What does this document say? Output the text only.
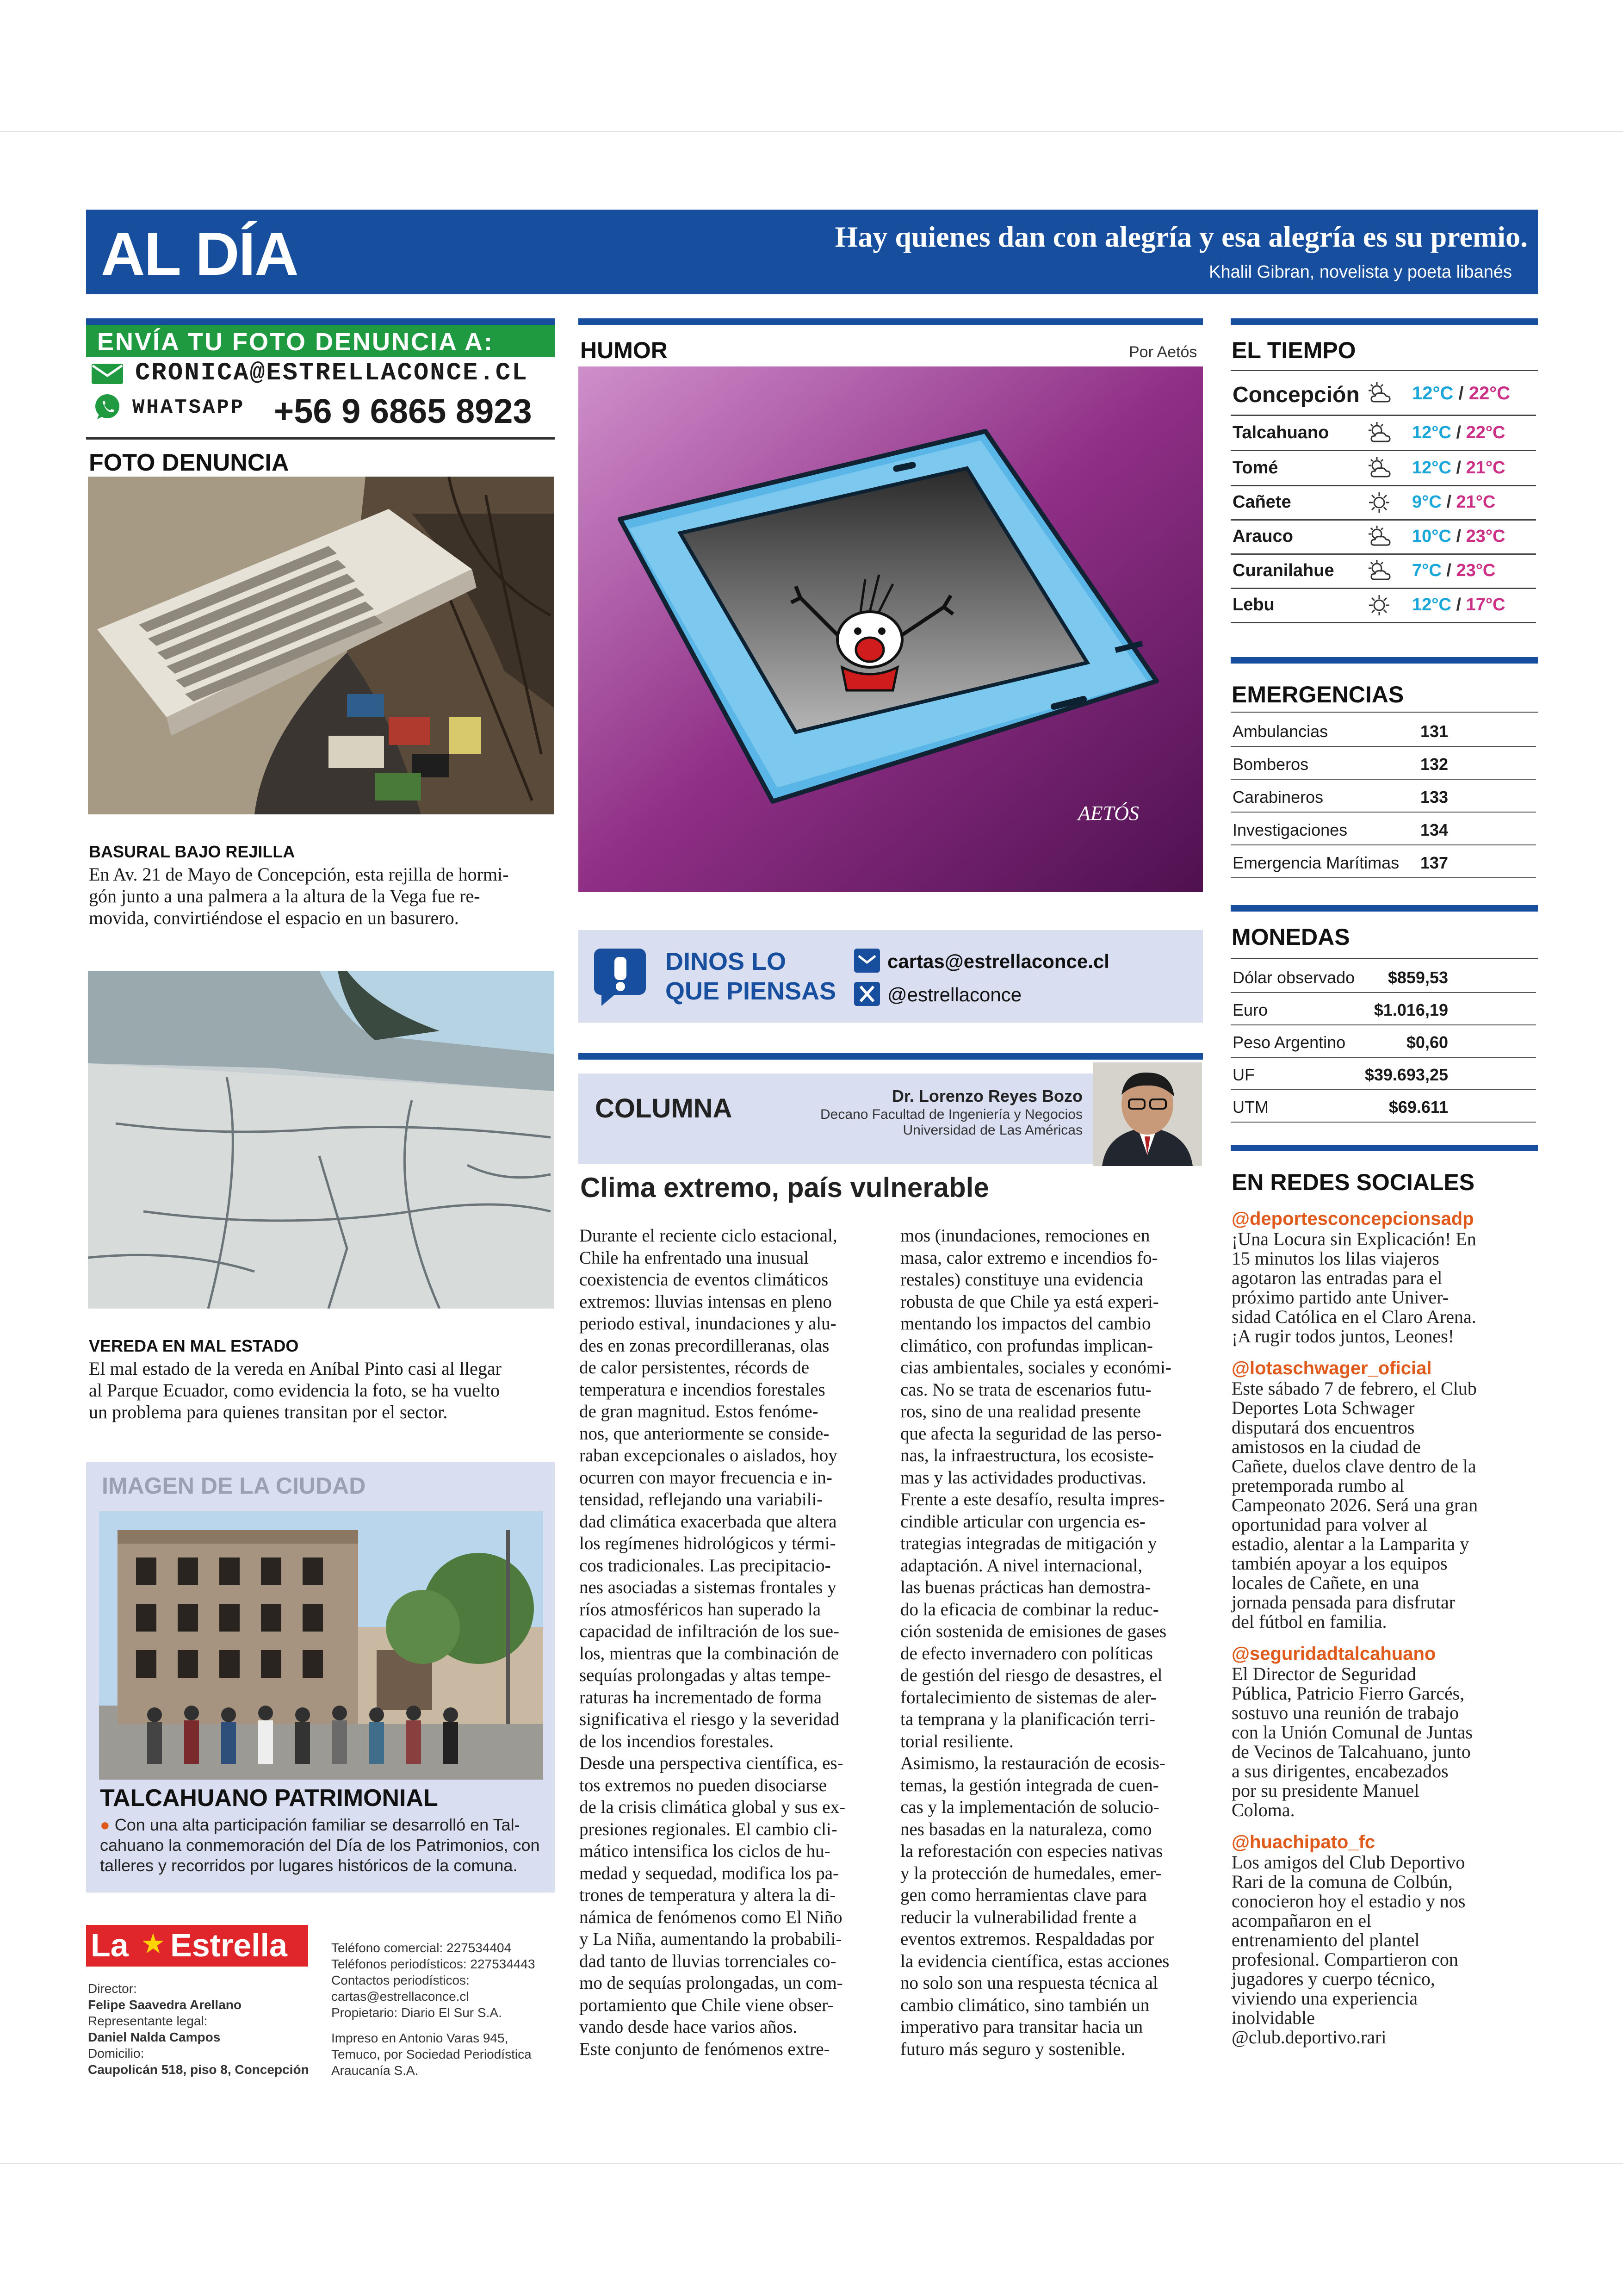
AL DÍA	Hay quienes dan con alegría y esa alegría es su premio.
Khalil Gibran, novelista y poeta libanés
ENVÍA TU FOTO DENUNCIA A:
CRONICA@ESTRELLACONCE.CL
WHATSAPP +56 9 6865 8923
FOTO DENUNCIA
BASURAL BAJO REJILLA
En Av. 21 de Mayo de Concepción, esta rejilla de hormi-
gón junto a una palmera a la altura de la Vega fue re-
movida, convirtiéndose el espacio en un basurero.
VEREDA EN MAL ESTADO
El mal estado de la vereda en Aníbal Pinto casi al llegar
al Parque Ecuador, como evidencia la foto, se ha vuelto
un problema para quienes transitan por el sector.
IMAGEN DE LA CIUDAD
TALCAHUANO PATRIMONIAL
● Con una alta participación familiar se desarrolló en Tal-
cahuano la conmemoración del Día de los Patrimonios, con
talleres y recorridos por lugares históricos de la comuna.
La ★ Estrella
Director:
Felipe Saavedra Arellano
Representante legal:
Daniel Nalda Campos
Domicilio:
Caupolicán 518, piso 8, Concepción
Teléfono comercial: 227534404
Teléfonos periodísticos: 227534443
Contactos periodísticos:
cartas@estrellaconce.cl
Propietario: Diario El Sur S.A.
Impreso en Antonio Varas 945,
Temuco, por Sociedad Periodística
Araucanía S.A.
HUMOR	Por Aetós
AETÓS
DINOS LO
QUE PIENSAS
cartas@estrellaconce.cl
@estrellaconce
COLUMNA	Dr. Lorenzo Reyes Bozo
Decano Facultad de Ingeniería y Negocios
Universidad de Las Américas
Clima extremo, país vulnerable
Durante el reciente ciclo estacional,
Chile ha enfrentado una inusual
coexistencia de eventos climáticos
extremos: lluvias intensas en pleno
periodo estival, inundaciones y alu-
des en zonas precordilleranas, olas
de calor persistentes, récords de
temperatura e incendios forestales
de gran magnitud. Estos fenóme-
nos, que anteriormente se conside-
raban excepcionales o aislados, hoy
ocurren con mayor frecuencia e in-
tensidad, reflejando una variabili-
dad climática exacerbada que altera
los regímenes hidrológicos y térmi-
cos tradicionales. Las precipitacio-
nes asociadas a sistemas frontales y
ríos atmosféricos han superado la
capacidad de infiltración de los sue-
los, mientras que la combinación de
sequías prolongadas y altas tempe-
raturas ha incrementado de forma
significativa el riesgo y la severidad
de los incendios forestales.
Desde una perspectiva científica, es-
tos extremos no pueden disociarse
de la crisis climática global y sus ex-
presiones regionales. El cambio cli-
mático intensifica los ciclos de hu-
medad y sequedad, modifica los pa-
trones de temperatura y altera la di-
námica de fenómenos como El Niño
y La Niña, aumentando la probabili-
dad tanto de lluvias torrenciales co-
mo de sequías prolongadas, un com-
portamiento que Chile viene obser-
vando desde hace varios años.
Este conjunto de fenómenos extre-
mos (inundaciones, remociones en
masa, calor extremo e incendios fo-
restales) constituye una evidencia
robusta de que Chile ya está experi-
mentando los impactos del cambio
climático, con profundas implican-
cias ambientales, sociales y económi-
cas. No se trata de escenarios futu-
ros, sino de una realidad presente
que afecta la seguridad de las perso-
nas, la infraestructura, los ecosiste-
mas y las actividades productivas.
Frente a este desafío, resulta impres-
cindible articular con urgencia es-
trategias integradas de mitigación y
adaptación. A nivel internacional,
las buenas prácticas han demostra-
do la eficacia de combinar la reduc-
ción sostenida de emisiones de gases
de efecto invernadero con políticas
de gestión del riesgo de desastres, el
fortalecimiento de sistemas de aler-
ta temprana y la planificación terri-
torial resiliente.
Asimismo, la restauración de ecosis-
temas, la gestión integrada de cuen-
cas y la implementación de solucio-
nes basadas en la naturaleza, como
la reforestación con especies nativas
y la protección de humedales, emer-
gen como herramientas clave para
reducir la vulnerabilidad frente a
eventos extremos. Respaldadas por
la evidencia científica, estas acciones
no solo son una respuesta técnica al
cambio climático, sino también un
imperativo para transitar hacia un
futuro más seguro y sostenible.
EL TIEMPO
Concepción	12°C / 22°C
Talcahuano	12°C / 22°C
Tomé	12°C / 21°C
Cañete	9°C / 21°C
Arauco	10°C / 23°C
Curanilahue	7°C / 23°C
Lebu	12°C / 17°C
EMERGENCIAS
Ambulancias	131
Bomberos	132
Carabineros	133
Investigaciones	134
Emergencia Marítimas 137
MONEDAS
Dólar observado $859,53
Euro	$1.016,19
Peso Argentino	$0,60
UF	$39.693,25
UTM	$69.611
EN REDES SOCIALES
@deportesconcepcionsadp
¡Una Locura sin Explicación! En
15 minutos los lilas viajeros
agotaron las entradas para el
próximo partido ante Univer-
sidad Católica en el Claro Arena.
¡A rugir todos juntos, Leones!
@lotaschwager_oficial
Este sábado 7 de febrero, el Club
Deportes Lota Schwager
disputará dos encuentros
amistosos en la ciudad de
Cañete, duelos clave dentro de la
pretemporada rumbo al
Campeonato 2026. Será una gran
oportunidad para volver al
estadio, alentar a la Lamparita y
también apoyar a los equipos
locales de Cañete, en una
jornada pensada para disfrutar
del fútbol en familia.
@seguridadtalcahuano
El Director de Seguridad
Pública, Patricio Fierro Garcés,
sostuvo una reunión de trabajo
con la Unión Comunal de Juntas
de Vecinos de Talcahuano, junto
a sus dirigentes, encabezados
por su presidente Manuel
Coloma.
@huachipato_fc
Los amigos del Club Deportivo
Rari de la comuna de Colbún,
conocieron hoy el estadio y nos
acompañaron en el
entrenamiento del plantel
profesional. Compartieron con
jugadores y cuerpo técnico,
viviendo una experiencia
inolvidable
@club.deportivo.rari
